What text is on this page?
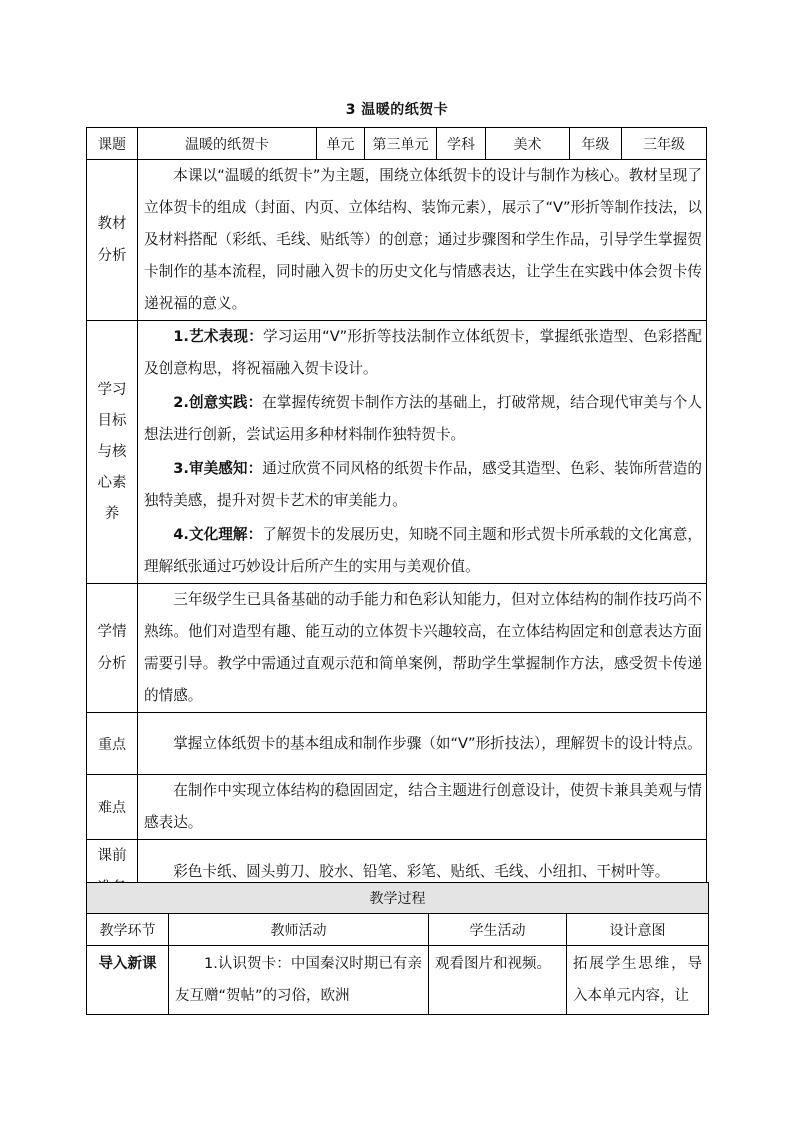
3 温暖的纸贺卡
课题	温暖的纸贺卡	单元	第三单元	学科	美术	年级	三年级

教材分析	本课以“温暖的纸贺卡”为主题，围绕立体纸贺卡的设计与制作为核心。教材呈现了立体贺卡的组成（封面、内页、立体结构、装饰元素），展示了“V”形折等制作技法，以及材料搭配（彩纸、毛线、贴纸等）的创意；通过步骤图和学生作品，引导学生掌握贺卡制作的基本流程，同时融入贺卡的历史文化与情感表达，让学生在实践中体会贺卡传递祝福的意义。						

学习目标与核心素养	1.艺术表现：学习运用“V”形折等技法制作立体纸贺卡，掌握纸张造型、色彩搭配及创意构思，将祝福融入贺卡设计。

2.创意实践：在掌握传统贺卡制作方法的基础上，打破常规，结合现代审美与个人想法进行创新，尝试运用多种材料制作独特贺卡。

3.审美感知：通过欣赏不同风格的纸贺卡作品，感受其造型、色彩、装饰所营造的独特美感，提升对贺卡艺术的审美能力。

4.文化理解：了解贺卡的发展历史，知晓不同主题和形式贺卡所承载的文化寓意，理解纸张通过巧妙设计后所产生的实用与美观价值。						

学情分析	三年级学生已具备基础的动手能力和色彩认知能力，但对立体结构的制作技巧尚不熟练。他们对造型有趣、能互动的立体贺卡兴趣较高，在立体结构固定和创意表达方面需要引导。教学中需通过直观示范和简单案例，帮助学生掌握制作方法，感受贺卡传递的情感。						

重点	掌握立体纸贺卡的基本组成和制作步骤（如“V”形折技法），理解贺卡的设计特点。						

难点	在制作中实现立体结构的稳固固定，结合主题进行创意设计，使贺卡兼具美观与情感表达。						

课前	彩色卡纸、圆头剪刀、胶水、铅笔、彩笔、贴纸、毛线、小纽扣、干树叶等。						

教学过程			
教学环节	教师活动	学生活动	设计意图
导入新课	1.认识贺卡：中国秦汉时期已有亲友互赠“贺帖”的习俗，欧洲	观看图片和视频。	拓展学生思维，导入本单元内容，让
